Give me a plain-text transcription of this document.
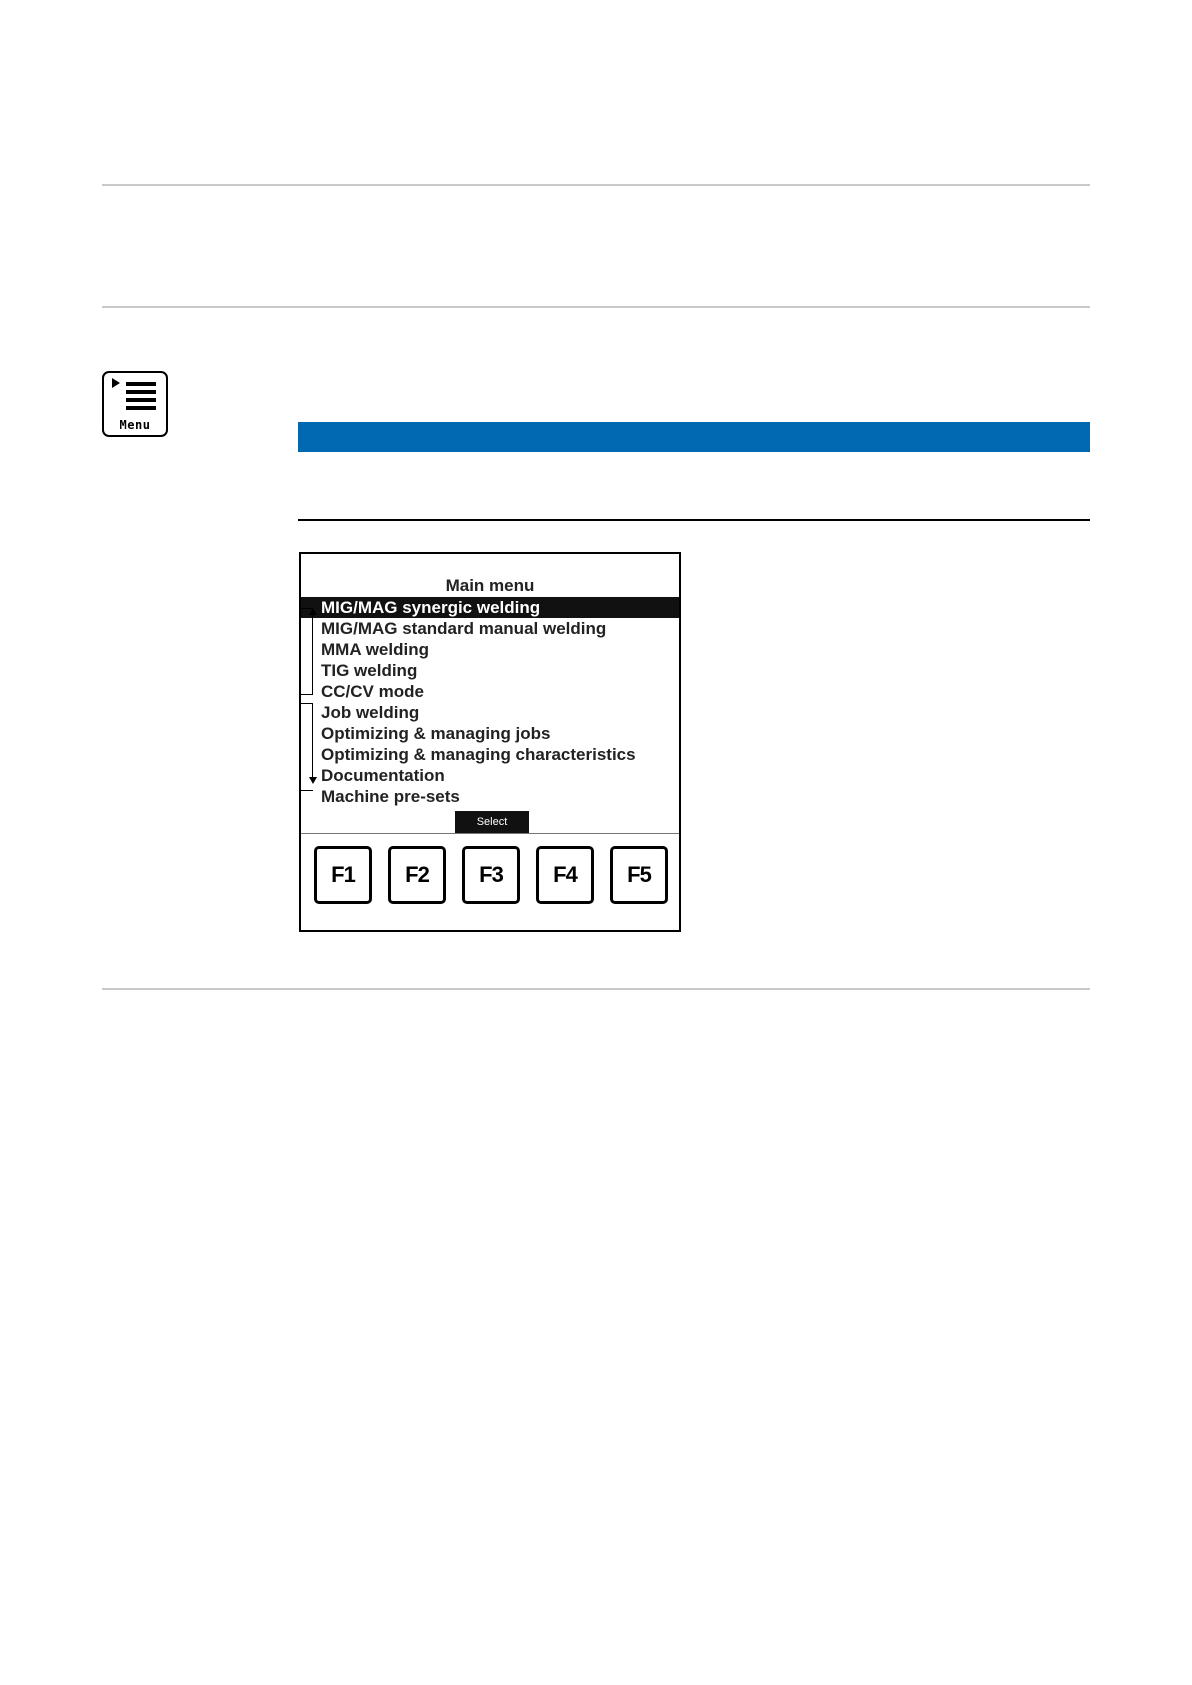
Menu
Main menu
MIG/MAG synergic welding
MIG/MAG standard manual welding
MMA welding
TIG welding
CC/CV mode
Job welding
Optimizing & managing jobs
Optimizing & managing characteristics
Documentation
Machine pre-sets
Select
F1	F2	F3	F4	F5
